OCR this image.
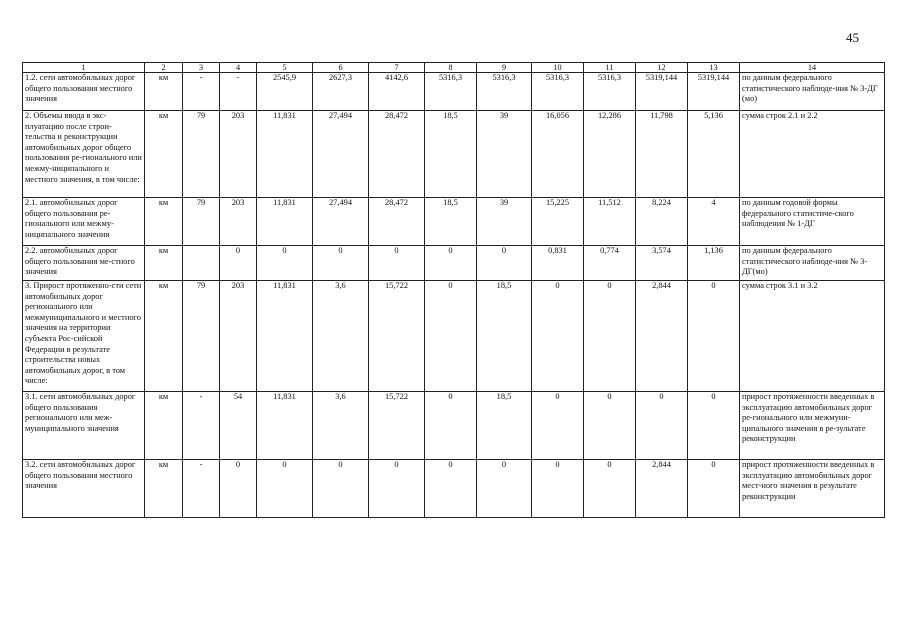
45
1	2	3	4	5	6	7	8	9	10	11	12	13	14
1.2. сети автомобильных дорог общего пользования местного значения	км	-	-	2545,9	2627,3	4142,6	5316,3	5316,3	5316,3	5316,3	5319,144	5319,144	по данным федерального статистического наблюде-ния № 3-ДГ (мо)
2. Объемы ввода в экс-плуатацию после строи-тельства и реконструкции автомобильных дорог общего пользования ре-гионального или межму-ниципального и местного значения, в том числе:	км	79	203	11,831	27,494	28,472	18,5	39	16,056	12,286	11,798	5,136	сумма строк 2.1 и 2.2
2.1. автомобильных дорог общего пользования ре-гионального или межму-ниципального значения	км	79	203	11,831	27,494	28,472	18,5	39	15,225	11,512	8,224	4	по данным годовой формы федерального статистиче-ского наблюдения № 1-ДГ
2.2. автомобильных дорог общего пользования ме-стного значения	км		0	0	0	0	0	0	0,831	0,774	3,574	1,136	по данным федерального статистического наблюде-ния № 3-ДГ(мо)
3. Прирост протяженно-сти сети автомобильных дорог регионального или межмуниципального и местного значения на территории субъекта Рос-сийской Федерации в результате строительства новых автомобильных дорог, в том числе:	км	79	203	11,831	3,6	15,722	0	18,5	0	0	2,844	0	сумма строк 3.1 и 3.2
3.1. сети автомобильных дорог общего пользования регионального или меж-муниципального значения	км	-	54	11,831	3,6	15,722	0	18,5	0	0	0	0	прирост протяженности введенных в эксплуатацию автомобильных дорог ре-гионального или межмуни-ципального значения в ре-зультате реконструкции
3.2. сети автомобильных дорог общего пользования местного значения	км	-	0	0	0	0	0	0	0	0	2,844	0	прирост протяженности введенных в эксплуатацию автомобильных дорог мест-ного значения в результате реконструкции
